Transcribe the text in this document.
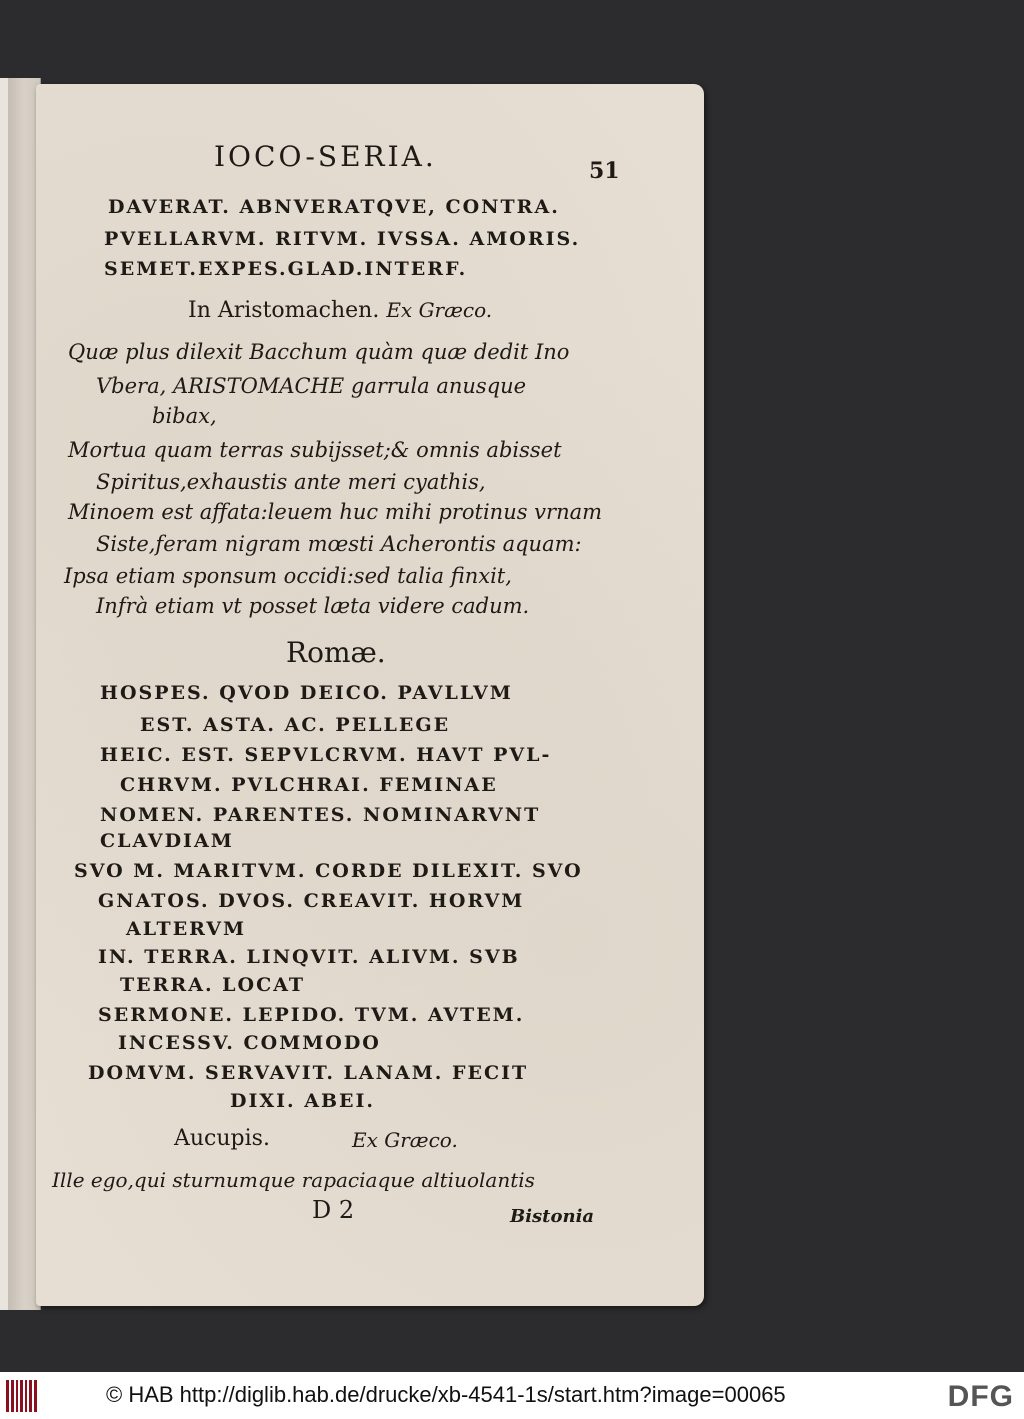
IOCO-SERIA.	51
DAVERAT. ABNVERATQVE, CONTRA.
PVELLARVM. RITVM. IVSSA. AMORIS.
SEMET.EXPES.GLAD.INTERF.
In Aristomachen. Ex Græco.
Quæ plus dilexit Bacchum quàm quæ dedit Ino
Vbera, ARISTOMACHE garrula anusque
bibax,
Mortua quam terras subijsset;& omnis abisset
Spiritus,exhaustis ante meri cyathis,
Minoem est affata:leuem huc mihi protinus vrnam
Siste,feram nigram mœsti Acherontis aquam:
Ipsa etiam sponsum occidi:sed talia finxit,
Infrà etiam vt posset læta videre cadum.
Romæ.
HOSPES. QVOD DEICO. PAVLLVM
EST. ASTA. AC. PELLEGE
HEIC. EST. SEPVLCRVM. HAVT PVL-
CHRVM. PVLCHRAI. FEMINAE
NOMEN. PARENTES. NOMINARVNT
CLAVDIAM
SVO M. MARITVM. CORDE DILEXIT. SVO
GNATOS. DVOS. CREAVIT. HORVM
ALTERVM
IN. TERRA. LINQVIT. ALIVM. SVB
TERRA. LOCAT
SERMONE. LEPIDO. TVM. AVTEM.
INCESSV. COMMODO
DOMVM. SERVAVIT. LANAM. FECIT
DIXI. ABEI.
Aucupis.	Ex Græco.
Ille ego,qui sturnumque rapaciaque altiuolantis
D 2	Bistonia
© HAB http://diglib.hab.de/drucke/xb-4541-1s/start.htm?image=00065	DFG
